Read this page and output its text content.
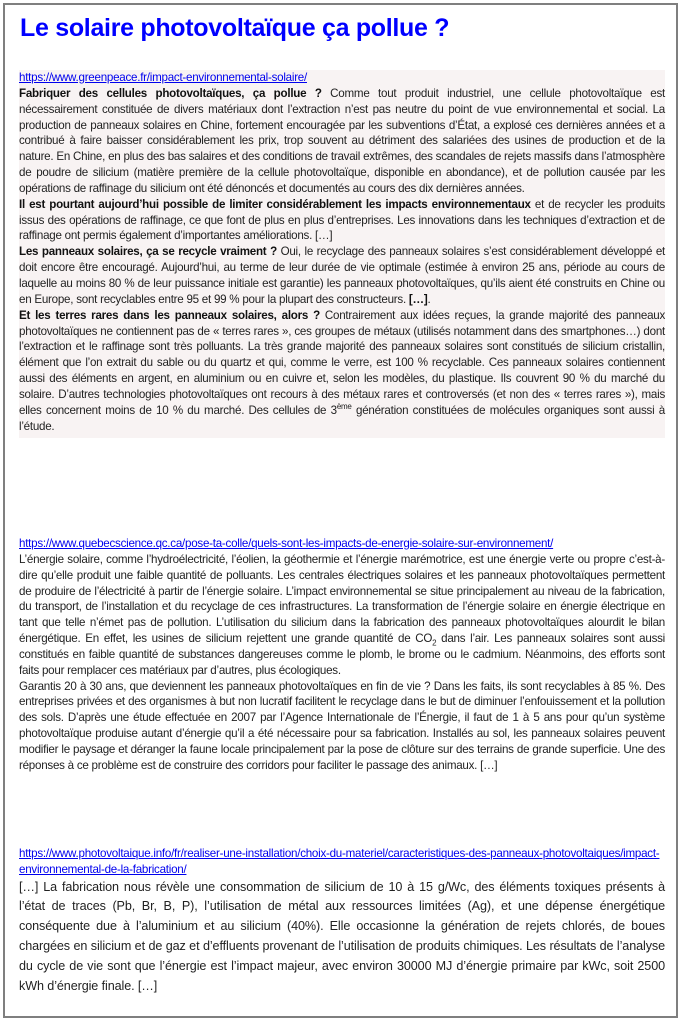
Le solaire photovoltaïque ça pollue ?
https://www.greenpeace.fr/impact-environnemental-solaire/

Fabriquer des cellules photovoltaïques, ça pollue ? Comme tout produit industriel, une cellule photovoltaïque est nécessairement constituée de divers matériaux dont l’extraction n’est pas neutre du point de vue environnemental et social. La production de panneaux solaires en Chine, fortement encouragée par les subventions d’État, a explosé ces dernières années et a contribué à faire baisser considérablement les prix, trop souvent au détriment des salariées des usines de production et de la nature. En Chine, en plus des bas salaires et des conditions de travail extrêmes, des scandales de rejets massifs dans l’atmosphère de poudre de silicium (matière première de la cellule photovoltaïque, disponible en abondance), et de pollution causée par les opérations de raffinage du silicium ont été dénoncés et documentés au cours des dix dernières années.

Il est pourtant aujourd’hui possible de limiter considérablement les impacts environnementaux et de recycler les produits issus des opérations de raffinage, ce que font de plus en plus d’entreprises. Les innovations dans les techniques d’extraction et de raffinage ont permis également d’importantes améliorations. […]

Les panneaux solaires, ça se recycle vraiment ? Oui, le recyclage des panneaux solaires s’est considérablement développé et doit encore être encouragé. Aujourd’hui, au terme de leur durée de vie optimale (estimée à environ 25 ans, période au cours de laquelle au moins 80 % de leur puissance initiale est garantie) les panneaux photovoltaïques, qu’ils aient été construits en Chine ou en Europe, sont recyclables entre 95 et 99 % pour la plupart des constructeurs. […].

Et les terres rares dans les panneaux solaires, alors ? Contrairement aux idées reçues, la grande majorité des panneaux photovoltaïques ne contiennent pas de « terres rares », ces groupes de métaux (utilisés notamment dans des smartphones…) dont l’extraction et le raffinage sont très polluants. La très grande majorité des panneaux solaires sont constitués de silicium cristallin, élément que l’on extrait du sable ou du quartz et qui, comme le verre, est 100 % recyclable. Ces panneaux solaires contiennent aussi des éléments en argent, en aluminium ou en cuivre et, selon les modèles, du plastique. Ils couvrent 90 % du marché du solaire. D’autres technologies photovoltaïques ont recours à des métaux rares et controversés (et non des « terres rares »), mais elles concernent moins de 10 % du marché. Des cellules de 3ème génération constituées de molécules organiques sont aussi à l’étude.

https://www.quebecscience.qc.ca/pose-ta-colle/quels-sont-les-impacts-de-energie-solaire-sur-environnement/

L’énergie solaire, comme l’hydroélectricité, l’éolien, la géothermie et l’énergie marémotrice, est une énergie verte ou propre c’est-à-dire qu’elle produit une faible quantité de polluants. Les centrales électriques solaires et les panneaux photovoltaïques permettent de produire de l’électricité à partir de l’énergie solaire. L’impact environnemental se situe principalement au niveau de la fabrication, du transport, de l’installation et du recyclage de ces infrastructures. La transformation de l’énergie solaire en énergie électrique en tant que telle n’émet pas de pollution. L’utilisation du silicium dans la fabrication des panneaux photovoltaïques alourdit le bilan énergétique. En effet, les usines de silicium rejettent une grande quantité de $CO_2$ dans l’air. Les panneaux solaires sont aussi constitués en faible quantité de substances dangereuses comme le plomb, le brome ou le cadmium. Néanmoins, des efforts sont faits pour remplacer ces matériaux par d’autres, plus écologiques.

Garantis 20 à 30 ans, que deviennent les panneaux photovoltaïques en fin de vie ? Dans les faits, ils sont recyclables à 85 %. Des entreprises privées et des organismes à but non lucratif facilitent le recyclage dans le but de diminuer l’enfouissement et la pollution des sols. D’après une étude effectuée en 2007 par l’Agence Internationale de l’Énergie, il faut de 1 à 5 ans pour qu’un système photovoltaïque produise autant d’énergie qu’il a été nécessaire pour sa fabrication. Installés au sol, les panneaux solaires peuvent modifier le paysage et déranger la faune locale principalement par la pose de clôture sur des terrains de grande superficie. Une des réponses à ce problème est de construire des corridors pour faciliter le passage des animaux. […]

https://www.photovoltaique.info/fr/realiser-une-installation/choix-du-materiel/caracteristiques-des-panneaux-photovoltaiques/impact-environnemental-de-la-fabrication/

[…] La fabrication nous révèle une consommation de silicium de 10 à 15 g/Wc, des éléments toxiques présents à l’état de traces (Pb, Br, B, P), l’utilisation de métal aux ressources limitées (Ag), et une dépense énergétique conséquente due à l’aluminium et au silicium (40%). Elle occasionne la génération de rejets chlorés, de boues chargées en silicium et de gaz et d’effluents provenant de l’utilisation de produits chimiques. Les résultats de l’analyse du cycle de vie sont que l’énergie est l’impact majeur, avec environ 30000 MJ d’énergie primaire par kWc, soit 2500 kWh d’énergie finale. […]
